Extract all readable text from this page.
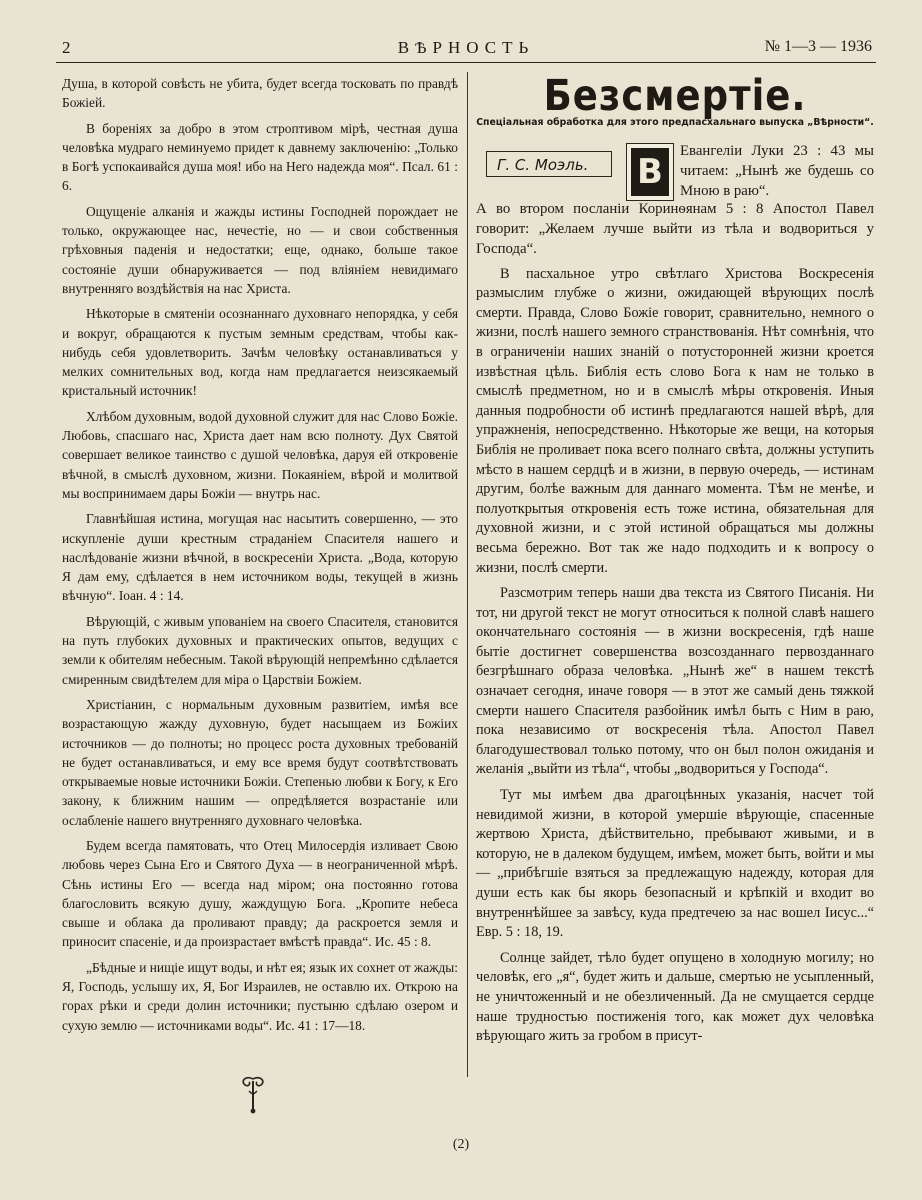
2	ВѢРНОСТЬ	№ 1—3 — 1936

Душа, в которой совѣсть не убита, будет всегда тосковать по правдѣ Божіей.

В бореніях за добро в этом строптивом мірѣ, честная душа человѣка мудраго неминуемо придет к давнему заключенію: „Только в Богѣ успокаивайся душа моя! ибо на Него надежда моя“. Псал. 61 : 6.

Ощущеніе алканія и жажды истины Господней порождает не только, окружающее нас, нечестіе, но — и свои собственныя грѣховныя паденія и недостатки; еще, однако, больше такое состояніе души обнаруживается — под вліяніем невидимаго внутренняго воздѣйствія на нас Христа.

Нѣкоторые в смятеніи осознаннаго духовнаго непорядка, у себя и вокруг, обращаются к пустым земным средствам, чтобы как-нибудь себя удовлетворить. Зачѣм человѣку останавливаться у мелких сомнительных вод, когда нам предлагается неизсякаемый кристальный источник!

Хлѣбом духовным, водой духовной служит для нас Слово Божіе. Любовь, спасшаго нас, Христа дает нам всю полноту. Дух Святой совершает великое таинство с душой человѣка, даруя ей откровеніе вѣчной, в смыслѣ духовном, жизни. Покаяніем, вѣрой и молитвой мы воспринимаем дары Божіи — внутрь нас.

Главнѣйшая истина, могущая нас насытить совершенно, — это искупленіе души крестным страданіем Спасителя нашего и наслѣдованіе жизни вѣчной, в воскресеніи Христа. „Вода, которую Я дам ему, сдѣлается в нем источником воды, текущей в жизнь вѣчную“. Іоан. 4 : 14.

Вѣрующій, с живым упованіем на своего Спасителя, становится на путь глубоких духовных и практических опытов, ведущих с земли к обителям небесным. Такой вѣрующій непремѣнно сдѣлается смиренным свидѣтелем для міра о Царствіи Божіем.

Христіанин, с нормальным духовным развитіем, имѣя все возрастающую жажду духовную, будет насыщаем из Божіих источников — до полноты; но процесс роста духовных требованій не будет останавливаться, и ему все время будут соотвѣтствовать открываемые новые источники Божіи. Степенью любви к Богу, к Его закону, к ближним нашим — опредѣляется возрастаніе или ослабленіе нашего внутренняго духовнаго человѣка.

Будем всегда памятовать, что Отец Милосердія изливает Свою любовь через Сына Его и Святого Духа — в неограниченной мѣрѣ. Сѣнь истины Его — всегда над міром; она постоянно готова благословить всякую душу, жаждущую Бога. „Кропите небеса свыше и облака да проливают правду; да раскроется земля и приносит спасеніе, и да произрастает вмѣстѣ правда“. Ис. 45 : 8.

„Бѣдные и нищіе ищут воды, и нѣт ея; язык их сохнет от жажды: Я, Господь, услышу их, Я, Бог Израилев, не оставлю их. Открою на горах рѣки и среди долин источники; пустыню сдѣлаю озером и сухую землю — источниками воды“. Ис. 41 : 17—18.

Безсмертіе.
Спеціальная обработка для этого предпасхальнаго выпуска „Вѣрности“.
Г. С. Моэль.	В
Евангеліи Луки 23 : 43 мы читаем: „Нынѣ же будешь со Мною в раю“.
А во втором посланіи Коринѳянам 5 : 8 Апостол Павел говорит: „Желаем лучше выйти из тѣла и водвориться у Господа“.

В пасхальное утро свѣтлаго Христова Воскресенія размыслим глубже о жизни, ожидающей вѣрующих послѣ смерти. Правда, Слово Божіе говорит, сравнительно, немного о жизни, послѣ нашего земного странствованія. Нѣт сомнѣнія, что в ограниченіи наших знаній о потусторонней жизни кроется извѣстная цѣль. Библія есть слово Бога к нам не только в смыслѣ предметном, но и в смыслѣ мѣры откровенія. Иныя данныя подробности об истинѣ предлагаются нашей вѣрѣ, для упражненія, непосредственно. Нѣкоторые же вещи, на которыя Библія не проливает пока всего полнаго свѣта, должны уступить мѣсто в нашем сердцѣ и в жизни, в первую очередь, — истинам другим, болѣе важным для даннаго момента. Тѣм не менѣе, и полуоткрытыя откровенія есть тоже истина, обязательная для духовной жизни, и с этой истиной обращаться мы должны весьма бережно. Вот так же надо подходить и к вопросу о жизни, послѣ смерти.

Разсмотрим теперь наши два текста из Святого Писанія. Ни тот, ни другой текст не могут относиться к полной славѣ нашего окончательнаго состоянія — в жизни воскресенія, гдѣ наше бытіе достигнет совершенства возсозданнаго первозданнаго безгрѣшнаго образа человѣка. „Нынѣ же“ в нашем текстѣ означает сегодня, иначе говоря — в этот же самый день тяжкой смерти нашего Спасителя разбойник имѣл быть с Ним в раю, пока независимо от воскресенія тѣла. Апостол Павел благодушествовал только потому, что он был полон ожиданія и желанія „выйти из тѣла“, чтобы „водвориться у Господа“.

Тут мы имѣем два драгоцѣнных указанія, насчет той невидимой жизни, в которой умершіе вѣрующіе, спасенные жертвою Христа, дѣйствительно, пребывают живыми, и в которую, не в далеком будущем, имѣем, может быть, войти и мы — „прибѣгшіе взяться за предлежащую надежду, которая для души есть как бы якорь безопасный и крѣпкій и входит во внутреннѣйшее за завѣсу, куда предтечею за нас вошел Іисус...“ Евр. 5 : 18, 19.

Солнце зайдет, тѣло будет опущено в холодную могилу; но человѣк, его „я“, будет жить и дальше, смертью не усыпленный, не уничтоженный и не обезличенный. Да не смущается сердце наше трудностью постиженія того, как может дух человѣка вѣрующаго жить за гробом в присут-

(2)
